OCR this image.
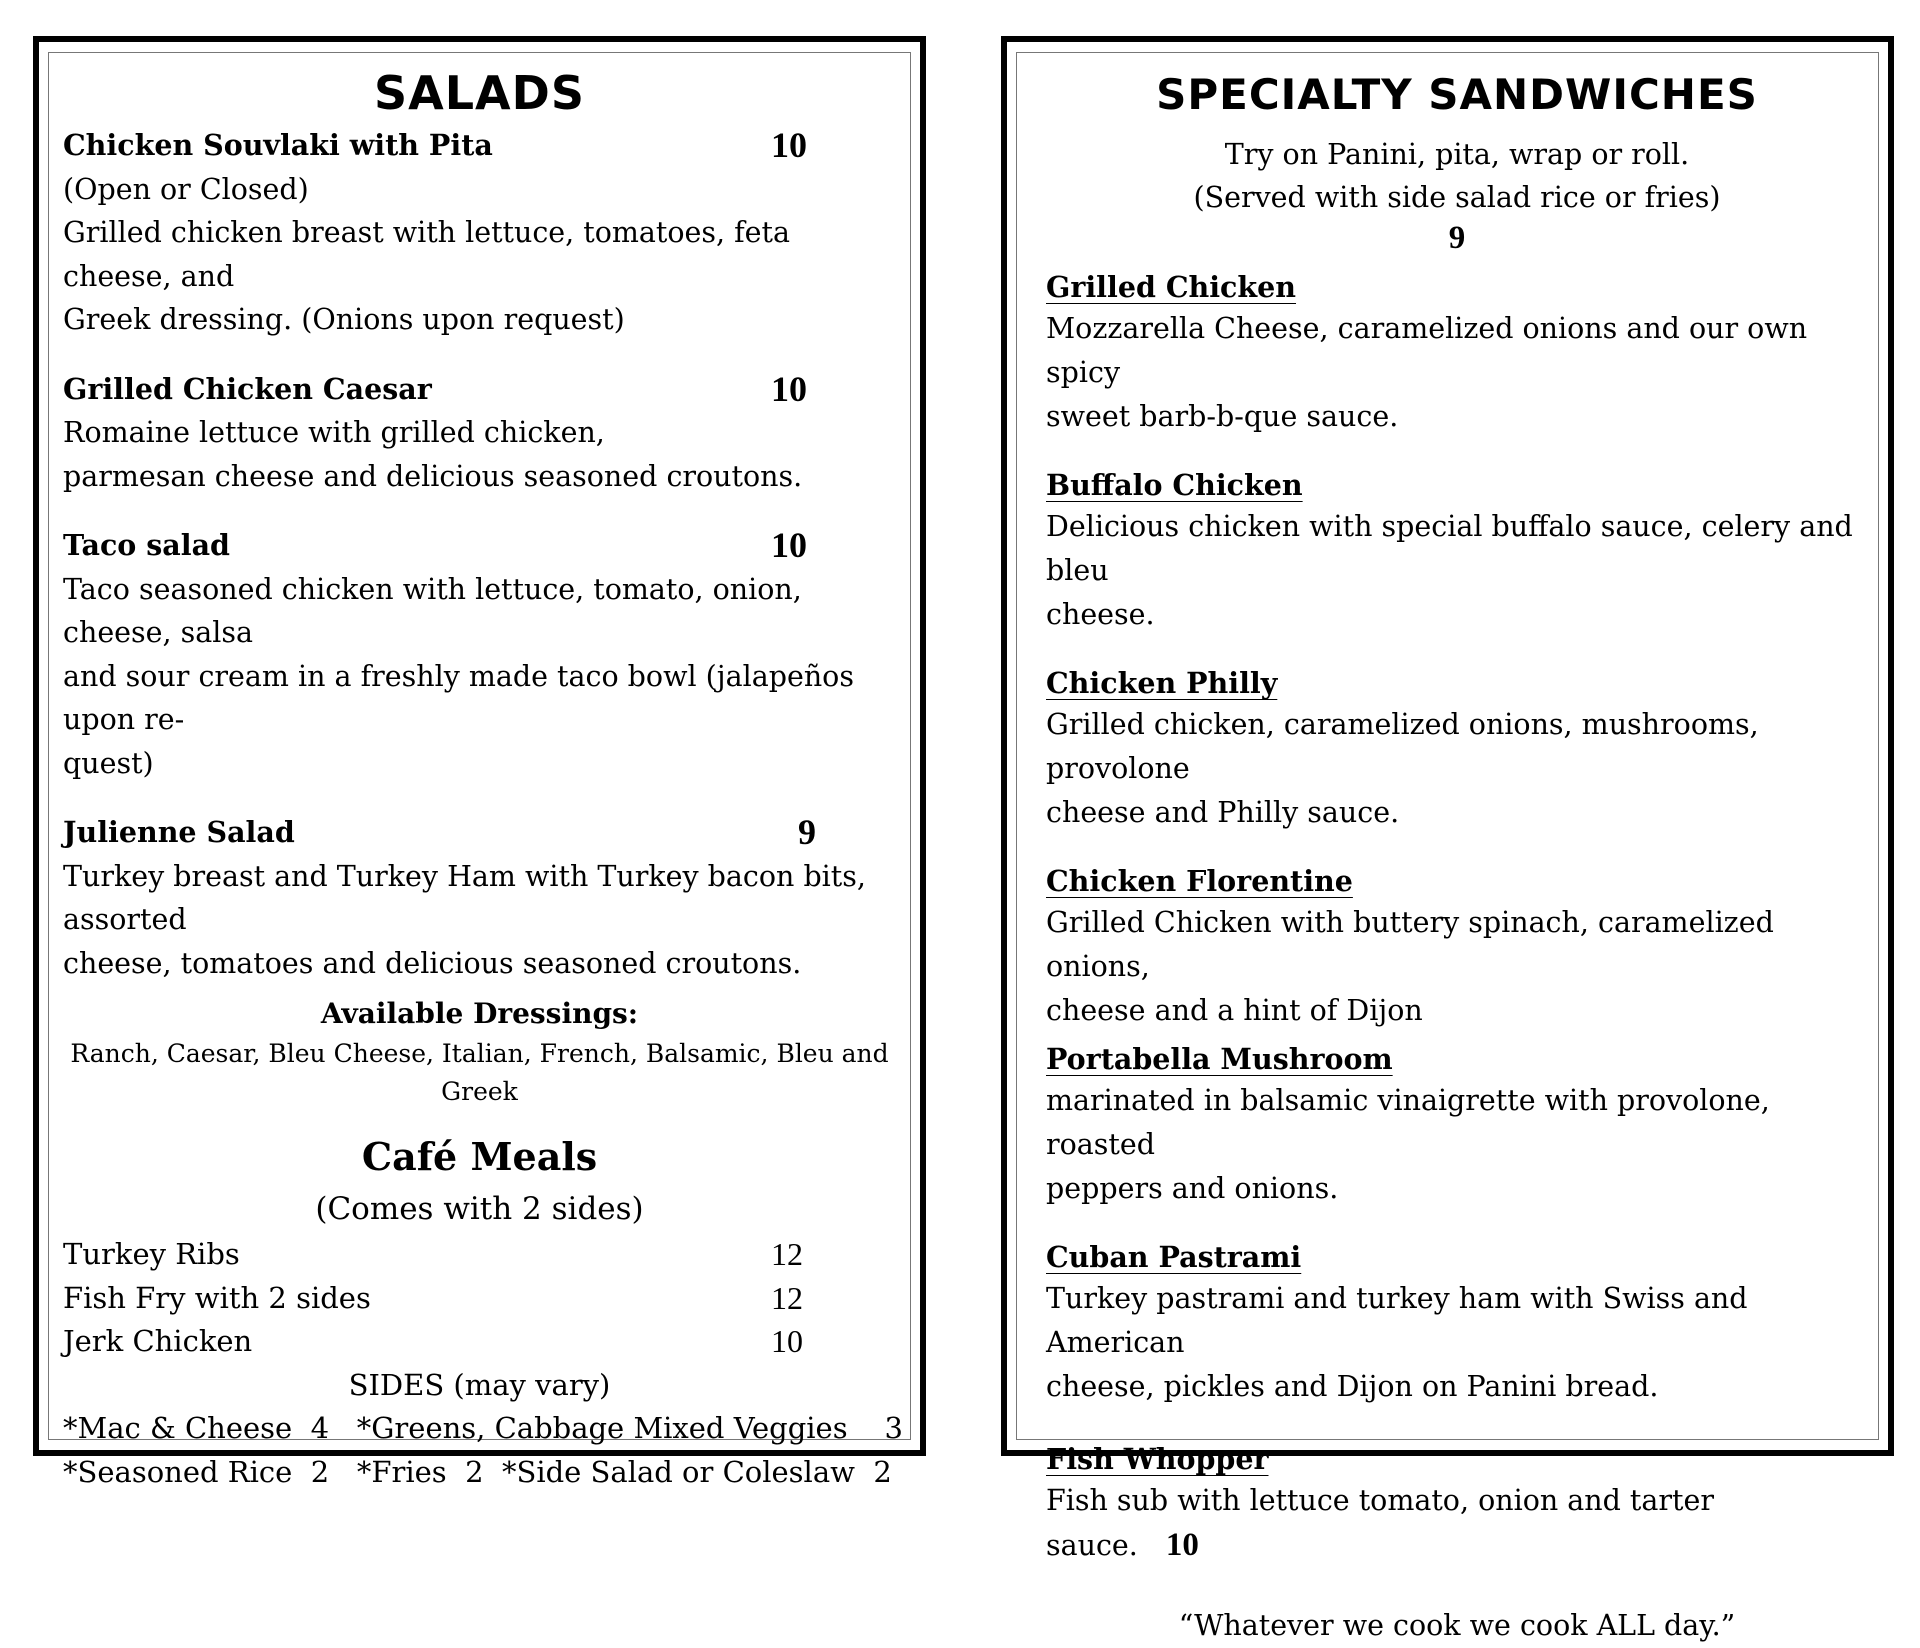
SALADS
Chicken Souvlaki with Pita	10
(Open or Closed)
Grilled chicken breast with lettuce, tomatoes, feta cheese, and
Greek dressing. (Onions upon request)
Grilled Chicken Caesar	10
Romaine lettuce with grilled chicken,
parmesan cheese and delicious seasoned croutons.
Taco salad	10
Taco seasoned chicken with lettuce, tomato, onion, cheese, salsa
and sour cream in a freshly made taco bowl (jalapeños upon re-
quest)
Julienne Salad	9
Turkey breast and Turkey Ham with Turkey bacon bits, assorted
cheese, tomatoes and delicious seasoned croutons.
Available Dressings:
Ranch, Caesar, Bleu Cheese, Italian, French, Balsamic, Bleu and Greek
Café Meals
(Comes with 2 sides)
Turkey Ribs	12
Fish Fry with 2 sides	12
Jerk Chicken	10
SIDES (may vary)
*Mac & Cheese  4   *Greens, Cabbage Mixed Veggies    3
*Seasoned Rice  2   *Fries  2  *Side Salad or Coleslaw  2
SPECIALTY SANDWICHES
Try on Panini, pita, wrap or roll.
(Served with side salad rice or fries)
9
Grilled Chicken
Mozzarella Cheese, caramelized onions and our own spicy
sweet barb-b-que sauce.
Buffalo Chicken
Delicious chicken with special buffalo sauce, celery and bleu
cheese.
Chicken Philly
Grilled chicken, caramelized onions, mushrooms, provolone
cheese and Philly sauce.
Chicken Florentine
Grilled Chicken with buttery spinach, caramelized onions,
cheese and a hint of Dijon
Portabella Mushroom
marinated in balsamic vinaigrette with provolone, roasted
peppers and onions.
Cuban Pastrami
Turkey pastrami and turkey ham with Swiss and American
cheese, pickles and Dijon on Panini bread.
Fish Whopper
Fish sub with lettuce tomato, onion and tarter sauce. 10
“Whatever we cook we cook ALL day.”
